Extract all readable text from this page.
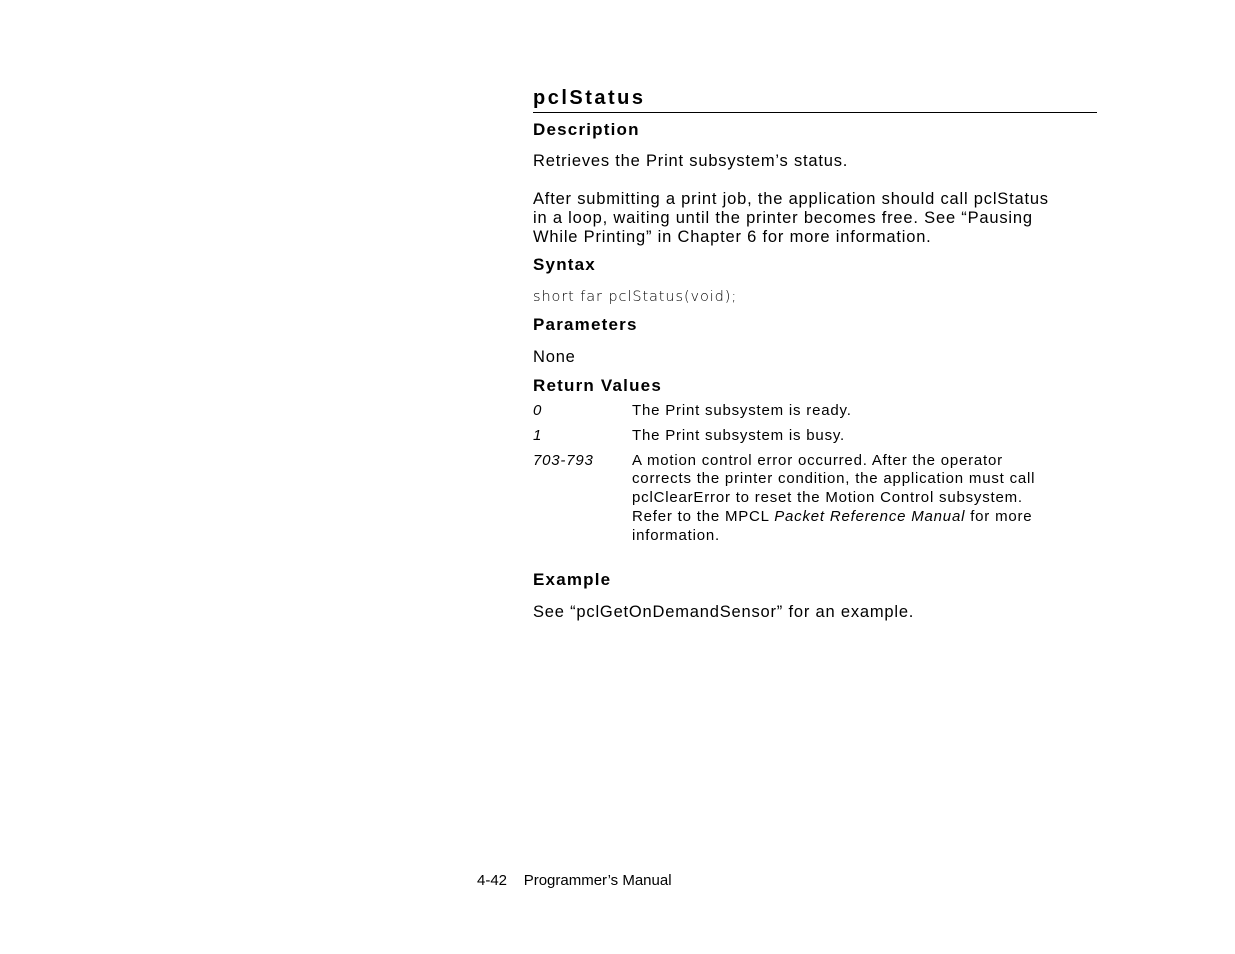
pclStatus
Description

Retrieves the Print subsystem’s status.

After submitting a print job, the application should call pclStatus
in a loop, waiting until the printer becomes free. See “Pausing
While Printing” in Chapter 6 for more information.
Syntax

short far pclStatus(void);

Parameters

None

Return Values
0	The Print subsystem is ready.
1	The Print subsystem is busy.
703-793	A motion control error occurred. After the operator
corrects the printer condition, the application must call
pclClearError to reset the Motion Control subsystem.
Refer to the MPCL Packet Reference Manual for more
information.
Example

See “pclGetOnDemandSensor” for an example.

4-42 Programmer’s Manual
